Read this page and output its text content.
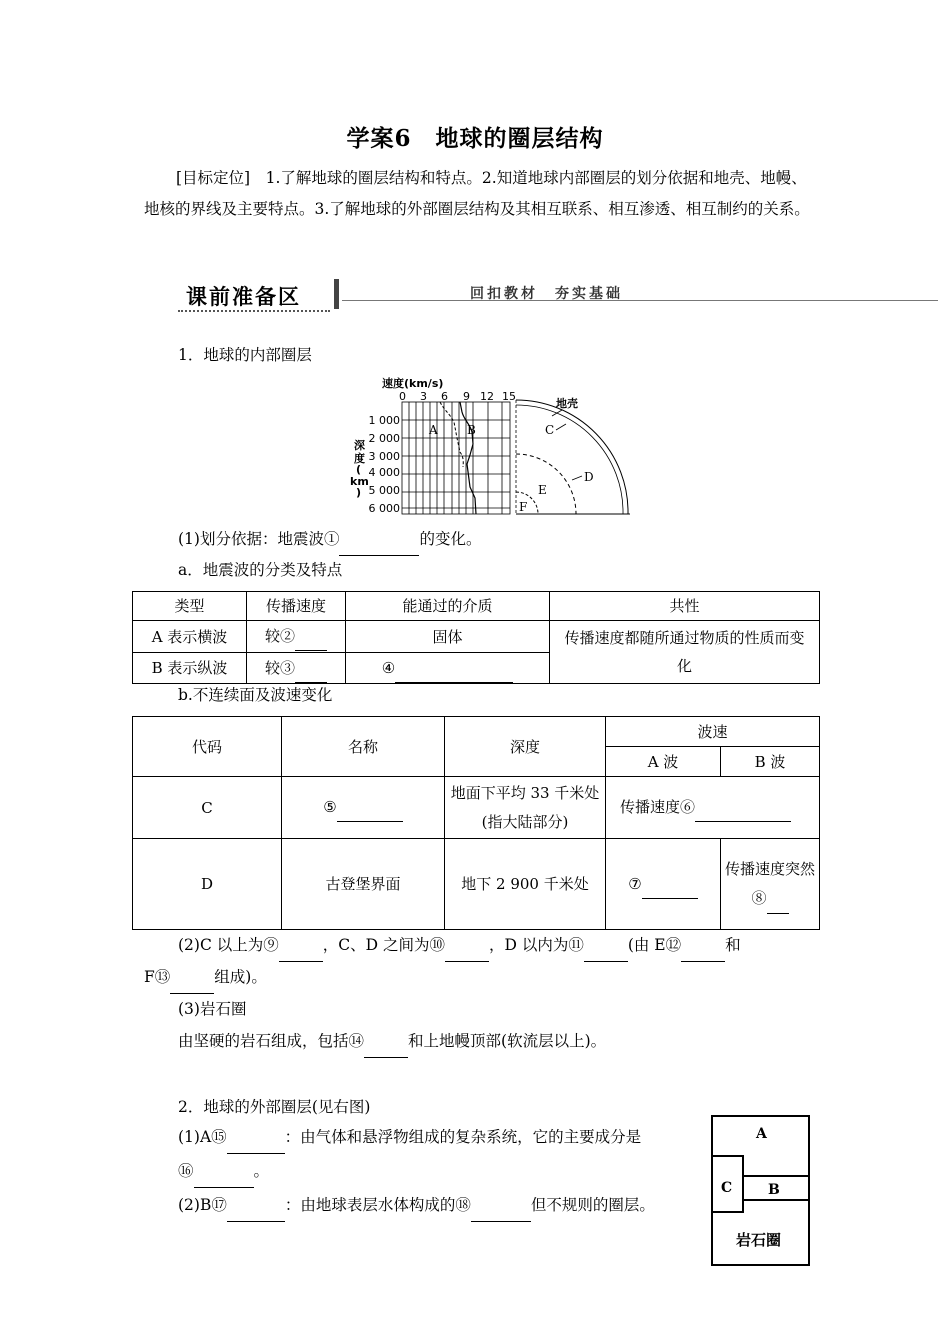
学案6　地球的圈层结构
[目标定位]　 1.了解地球的圈层结构和特点。2.知道地球内部圈层的划分依据和地壳、地幔、地核的界线及主要特点。3.了解地球的外部圈层结构及其相互联系、相互渗透、相互制约的关系。
课前准备区	回扣教材　夯实基础
1．地球的内部圈层
速度(km/s)
0 3 6 9 12 15
1 000
2 000
3 000
4 000
5 000
6 000
深
度
(
km
)
A B
地壳
C
D
E
F
(1)划分依据：地震波①	的变化。
a．地震波的分类及特点
类型	传播速度	能通过的介质	共性
A 表示横波	较②	固体	传播速度都随所通过物质的性质而变化
B 表示纵波	较③	④	
b.不连续面及波速变化
代码	名称	深度	波速	
			A 波	B 波
C	⑤	地面下平均 33 千米处(指大陆部分)	传播速度⑥	
D	古登堡界面	地下 2 900 千米处	⑦	传播速度突然⑧
(2)C 以上为⑨	，C、D 之间为⑩	，D 以内为⑪	(由 E⑫	和
F⑬	组成)。
(3)岩石圈
由坚硬的岩石组成，包括⑭	和上地幔顶部(软流层以上)。
2．地球的外部圈层(见右图)
(1)A⑮	：由气体和悬浮物组成的复杂系统，它的主要成分是
⑯	。
(2)B⑰	：由地球表层水体构成的⑱	但不规则的圈层。
A
C	B
岩石圈
